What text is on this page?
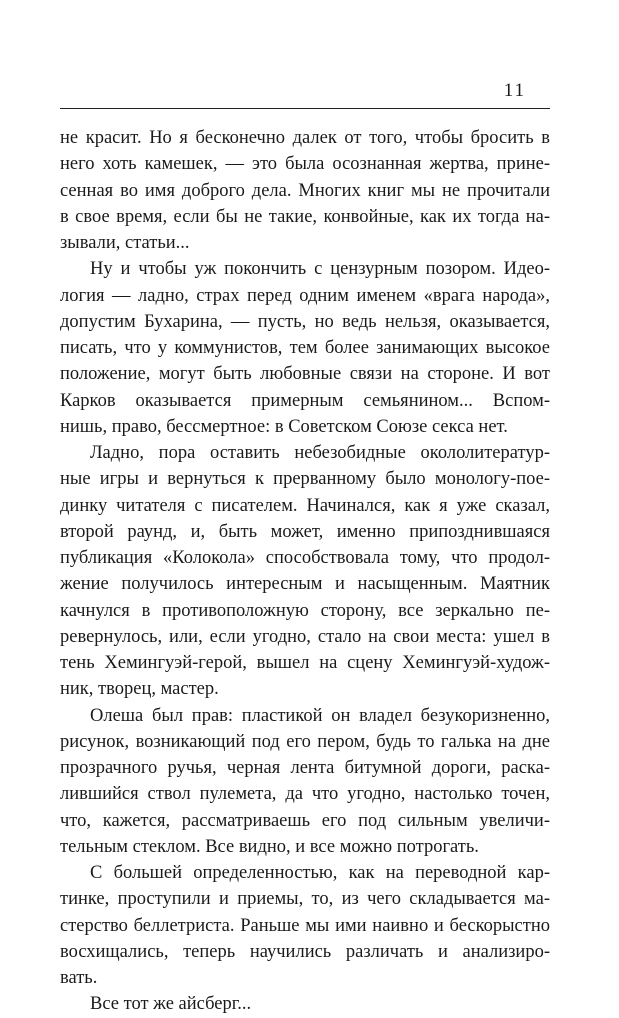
11
не красит. Но я бесконечно далек от того, чтобы бросить в
него хоть камешек, — это была осознанная жертва, прине-
сенная во имя доброго дела. Многих книг мы не прочитали
в свое время, если бы не такие, конвойные, как их тогда на-
зывали, статьи...
Ну и чтобы уж покончить с цензурным позором. Идео-
логия — ладно, страх перед одним именем «врага народа»,
допустим Бухарина, — пусть, но ведь нельзя, оказывается,
писать, что у коммунистов, тем более занимающих высокое
положение, могут быть любовные связи на стороне. И вот
Карков оказывается примерным семьянином... Вспом-
нишь, право, бессмертное: в Советском Союзе секса нет.
Ладно, пора оставить небезобидные окололитератур-
ные игры и вернуться к прерванному было монологу-пое-
динку читателя с писателем. Начинался, как я уже сказал,
второй раунд, и, быть может, именно припозднившаяся
публикация «Колокола» способствовала тому, что продол-
жение получилось интересным и насыщенным. Маятник
качнулся в противоположную сторону, все зеркально пе-
ревернулось, или, если угодно, стало на свои места: ушел в
тень Хемингуэй-герой, вышел на сцену Хемингуэй-худож-
ник, творец, мастер.
Олеша был прав: пластикой он владел безукоризненно,
рисунок, возникающий под его пером, будь то галька на дне
прозрачного ручья, черная лента битумной дороги, раска-
лившийся ствол пулемета, да что угодно, настолько точен,
что, кажется, рассматриваешь его под сильным увеличи-
тельным стеклом. Все видно, и все можно потрогать.
С большей определенностью, как на переводной кар-
тинке, проступили и приемы, то, из чего складывается ма-
стерство беллетриста. Раньше мы ими наивно и бескорыстно
восхищались, теперь научились различать и анализиро-
вать.
Все тот же айсберг...
